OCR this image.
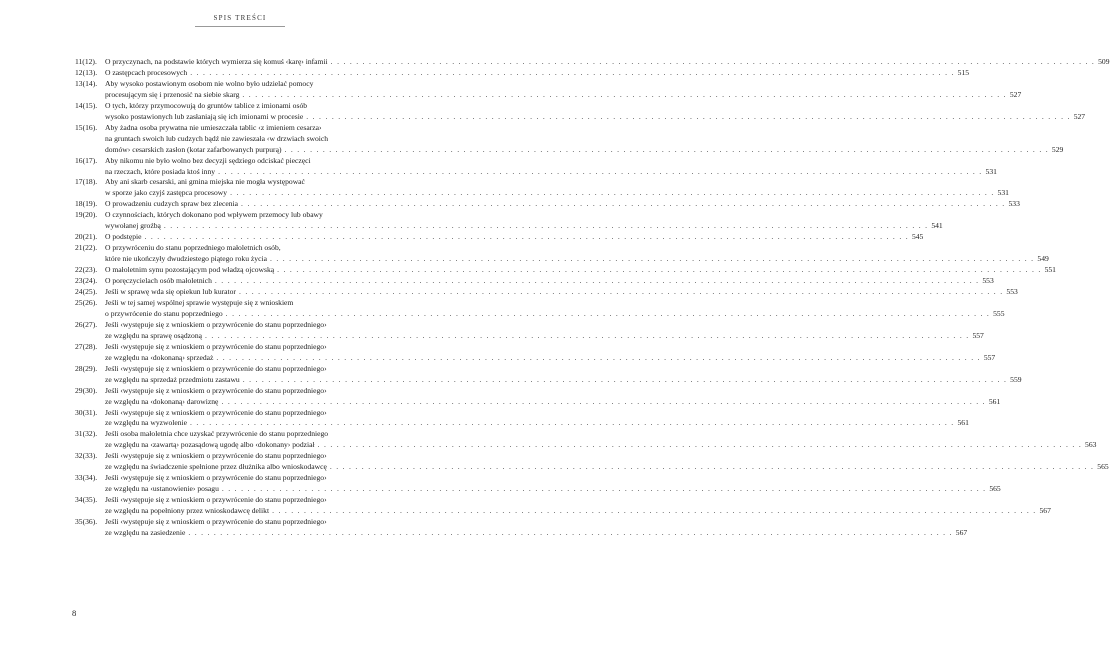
SPIS TREŚCI
11(12).	O przyczynach, na podstawie których wymierza się komuś ‹karę› infamii . . . . . . . . . . . . . . . . . . . . . . . . . . . . . . . . . . . . . . . . . . . . . . . . . . . . . . . . . . . . . . . . . . . . . . . . . . . . . . . . . . . . . . . . . . . . . . . . . . . . . . . . . . . . . . . . . . . . . . . . 509
12(13).	O zastępcach procesowych . . . . . . . . . . . . . . . . . . . . . . . . . . . . . . . . . . . . . . . . . . . . . . . . . . . . . . . . . . . . . . . . . . . . . . . . . . . . . . . . . . . . . . . . . . . . . . . . . . . . . . . . . . . . . . . . . . . . . . . . 515
13(14).	Aby wysoko postawionym osobom nie wolno było udzielać pomocy
procesującym się i przenosić na siebie skarg . . . . . . . . . . . . . . . . . . . . . . . . . . . . . . . . . . . . . . . . . . . . . . . . . . . . . . . . . . . . . . . . . . . . . . . . . . . . . . . . . . . . . . . . . . . . . . . . . . . . . . . . . . . . . . . . . . . . . . . . 527
14(15).	O tych, którzy przymocowują do gruntów tablice z imionami osób
wysoko postawionych lub zasłaniają się ich imionami w procesie . . . . . . . . . . . . . . . . . . . . . . . . . . . . . . . . . . . . . . . . . . . . . . . . . . . . . . . . . . . . . . . . . . . . . . . . . . . . . . . . . . . . . . . . . . . . . . . . . . . . . . . . . . . . . . . . . . . . . . . . 527
15(16).	Aby żadna osoba prywatna nie umieszczała tablic ‹z imieniem cesarza›
na gruntach swoich lub cudzych bądź nie zawieszała ‹w drzwiach swoich
domów› cesarskich zasłon (kotar zafarbowanych purpurą) . . . . . . . . . . . . . . . . . . . . . . . . . . . . . . . . . . . . . . . . . . . . . . . . . . . . . . . . . . . . . . . . . . . . . . . . . . . . . . . . . . . . . . . . . . . . . . . . . . . . . . . . . . . . . . . . . . . . . . . . 529
16(17).	Aby nikomu nie było wolno bez decyzji sędziego odciskać pieczęci
na rzeczach, które posiada ktoś inny . . . . . . . . . . . . . . . . . . . . . . . . . . . . . . . . . . . . . . . . . . . . . . . . . . . . . . . . . . . . . . . . . . . . . . . . . . . . . . . . . . . . . . . . . . . . . . . . . . . . . . . . . . . . . . . . . . . . . . . . 531
17(18).	Aby ani skarb cesarski, ani gmina miejska nie mogła występować
w sporze jako czyjś zastępca procesowy . . . . . . . . . . . . . . . . . . . . . . . . . . . . . . . . . . . . . . . . . . . . . . . . . . . . . . . . . . . . . . . . . . . . . . . . . . . . . . . . . . . . . . . . . . . . . . . . . . . . . . . . . . . . . . . . . . . . . . . . 531
18(19).	O prowadzeniu cudzych spraw bez zlecenia . . . . . . . . . . . . . . . . . . . . . . . . . . . . . . . . . . . . . . . . . . . . . . . . . . . . . . . . . . . . . . . . . . . . . . . . . . . . . . . . . . . . . . . . . . . . . . . . . . . . . . . . . . . . . . . . . . . . . . . . 533
19(20).	O czynnościach, których dokonano pod wpływem przemocy lub obawy
wywołanej groźbą . . . . . . . . . . . . . . . . . . . . . . . . . . . . . . . . . . . . . . . . . . . . . . . . . . . . . . . . . . . . . . . . . . . . . . . . . . . . . . . . . . . . . . . . . . . . . . . . . . . . . . . . . . . . . . . . . . . . . . . . 541
20(21).	O podstępie . . . . . . . . . . . . . . . . . . . . . . . . . . . . . . . . . . . . . . . . . . . . . . . . . . . . . . . . . . . . . . . . . . . . . . . . . . . . . . . . . . . . . . . . . . . . . . . . . . . . . . . . . . . . . . . . . . . . . . . . 545
21(22).	O przywróceniu do stanu poprzedniego małoletnich osób,
które nie ukończyły dwudziestego piątego roku życia . . . . . . . . . . . . . . . . . . . . . . . . . . . . . . . . . . . . . . . . . . . . . . . . . . . . . . . . . . . . . . . . . . . . . . . . . . . . . . . . . . . . . . . . . . . . . . . . . . . . . . . . . . . . . . . . . . . . . . . . 549
22(23).	O małoletnim synu pozostającym pod władzą ojcowską . . . . . . . . . . . . . . . . . . . . . . . . . . . . . . . . . . . . . . . . . . . . . . . . . . . . . . . . . . . . . . . . . . . . . . . . . . . . . . . . . . . . . . . . . . . . . . . . . . . . . . . . . . . . . . . . . . . . . . . . 551
23(24).	O poręczycielach osób małoletnich . . . . . . . . . . . . . . . . . . . . . . . . . . . . . . . . . . . . . . . . . . . . . . . . . . . . . . . . . . . . . . . . . . . . . . . . . . . . . . . . . . . . . . . . . . . . . . . . . . . . . . . . . . . . . . . . . . . . . . . . 553
24(25).	Jeśli w sprawę wda się opiekun lub kurator . . . . . . . . . . . . . . . . . . . . . . . . . . . . . . . . . . . . . . . . . . . . . . . . . . . . . . . . . . . . . . . . . . . . . . . . . . . . . . . . . . . . . . . . . . . . . . . . . . . . . . . . . . . . . . . . . . . . . . . . 553
25(26).	Jeśli w tej samej wspólnej sprawie występuje się z wnioskiem
o przywrócenie do stanu poprzedniego . . . . . . . . . . . . . . . . . . . . . . . . . . . . . . . . . . . . . . . . . . . . . . . . . . . . . . . . . . . . . . . . . . . . . . . . . . . . . . . . . . . . . . . . . . . . . . . . . . . . . . . . . . . . . . . . . . . . . . . . 555
26(27).	Jeśli ‹występuje się z wnioskiem o przywrócenie do stanu poprzedniego›
ze względu na sprawę osądzoną . . . . . . . . . . . . . . . . . . . . . . . . . . . . . . . . . . . . . . . . . . . . . . . . . . . . . . . . . . . . . . . . . . . . . . . . . . . . . . . . . . . . . . . . . . . . . . . . . . . . . . . . . . . . . . . . . . . . . . . . 557
27(28).	Jeśli ‹występuje się z wnioskiem o przywrócenie do stanu poprzedniego›
ze względu na ‹dokonaną› sprzedaż . . . . . . . . . . . . . . . . . . . . . . . . . . . . . . . . . . . . . . . . . . . . . . . . . . . . . . . . . . . . . . . . . . . . . . . . . . . . . . . . . . . . . . . . . . . . . . . . . . . . . . . . . . . . . . . . . . . . . . . . 557
28(29).	Jeśli ‹występuje się z wnioskiem o przywrócenie do stanu poprzedniego›
ze względu na sprzedaż przedmiotu zastawu . . . . . . . . . . . . . . . . . . . . . . . . . . . . . . . . . . . . . . . . . . . . . . . . . . . . . . . . . . . . . . . . . . . . . . . . . . . . . . . . . . . . . . . . . . . . . . . . . . . . . . . . . . . . . . . . . . . . . . . . 559
29(30).	Jeśli ‹występuje się z wnioskiem o przywrócenie do stanu poprzedniego›
ze względu na ‹dokonaną› darowiznę . . . . . . . . . . . . . . . . . . . . . . . . . . . . . . . . . . . . . . . . . . . . . . . . . . . . . . . . . . . . . . . . . . . . . . . . . . . . . . . . . . . . . . . . . . . . . . . . . . . . . . . . . . . . . . . . . . . . . . . . 561
30(31).	Jeśli ‹występuje się z wnioskiem o przywrócenie do stanu poprzedniego›
ze względu na wyzwolenie . . . . . . . . . . . . . . . . . . . . . . . . . . . . . . . . . . . . . . . . . . . . . . . . . . . . . . . . . . . . . . . . . . . . . . . . . . . . . . . . . . . . . . . . . . . . . . . . . . . . . . . . . . . . . . . . . . . . . . . . 561
31(32).	Jeśli osoba małoletnia chce uzyskać przywrócenie do stanu poprzedniego
ze względu na ‹zawartą› pozasądową ugodę albo ‹dokonany› podział . . . . . . . . . . . . . . . . . . . . . . . . . . . . . . . . . . . . . . . . . . . . . . . . . . . . . . . . . . . . . . . . . . . . . . . . . . . . . . . . . . . . . . . . . . . . . . . . . . . . . . . . . . . . . . . . . . . . . . . . 563
32(33).	Jeśli ‹występuje się z wnioskiem o przywrócenie do stanu poprzedniego›
ze względu na świadczenie spełnione przez dłużnika albo wnioskodawcę . . . . . . . . . . . . . . . . . . . . . . . . . . . . . . . . . . . . . . . . . . . . . . . . . . . . . . . . . . . . . . . . . . . . . . . . . . . . . . . . . . . . . . . . . . . . . . . . . . . . . . . . . . . . . . . . . . . . . . . . 565
33(34).	Jeśli ‹występuje się z wnioskiem o przywrócenie do stanu poprzedniego›
ze względu na ‹ustanowienie› posagu . . . . . . . . . . . . . . . . . . . . . . . . . . . . . . . . . . . . . . . . . . . . . . . . . . . . . . . . . . . . . . . . . . . . . . . . . . . . . . . . . . . . . . . . . . . . . . . . . . . . . . . . . . . . . . . . . . . . . . . . 565
34(35).	Jeśli ‹występuje się z wnioskiem o przywrócenie do stanu poprzedniego›
ze względu na popełniony przez wnioskodawcę delikt . . . . . . . . . . . . . . . . . . . . . . . . . . . . . . . . . . . . . . . . . . . . . . . . . . . . . . . . . . . . . . . . . . . . . . . . . . . . . . . . . . . . . . . . . . . . . . . . . . . . . . . . . . . . . . . . . . . . . . . . 567
35(36).	Jeśli ‹występuje się z wnioskiem o przywrócenie do stanu poprzedniego›
ze względu na zasiedzenie . . . . . . . . . . . . . . . . . . . . . . . . . . . . . . . . . . . . . . . . . . . . . . . . . . . . . . . . . . . . . . . . . . . . . . . . . . . . . . . . . . . . . . . . . . . . . . . . . . . . . . . . . . . . . . . . . . . . . . . . 567
8
